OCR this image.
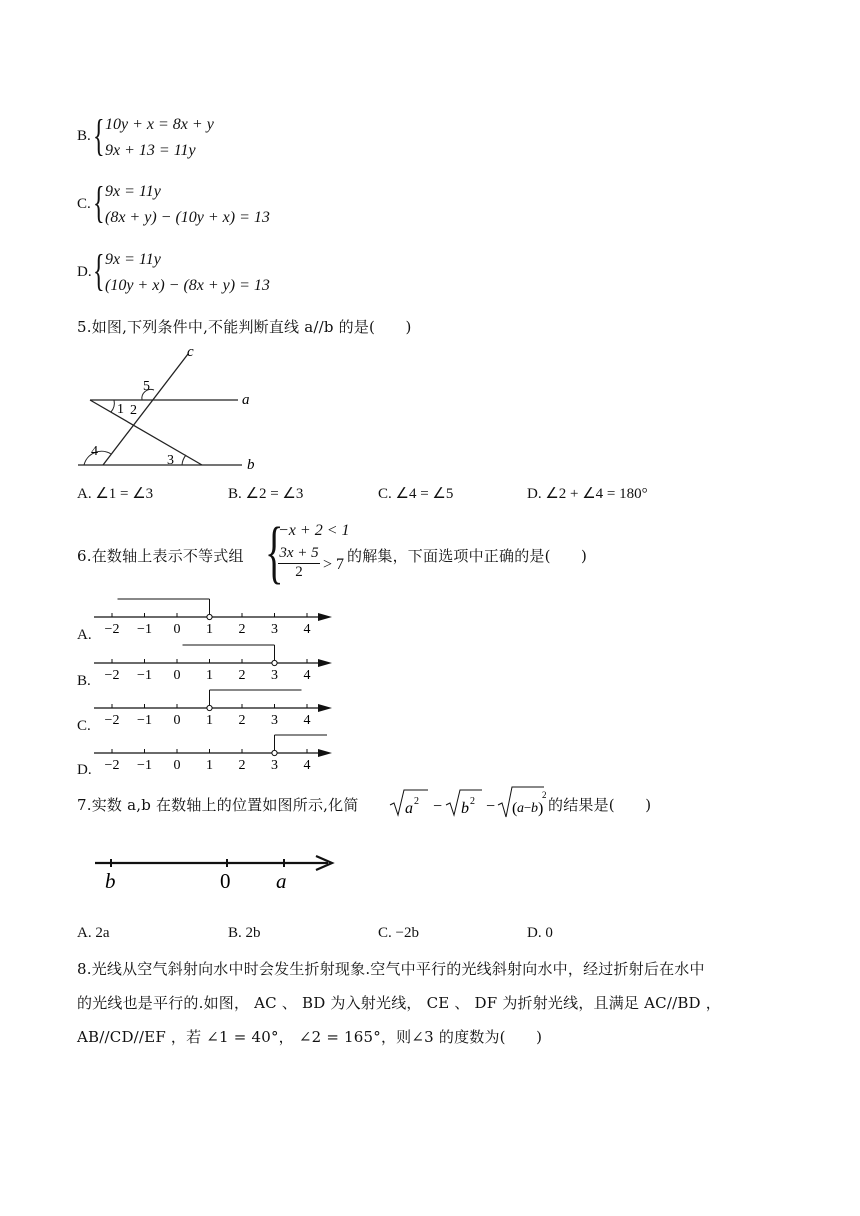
B. { 10y + x = 8x + y
9x + 13 = 11y
C. { 9x = 11y
(8x + y) − (10y + x) = 13
D. { 9x = 11y
(10y + x) − (8x + y) = 13
5.如图,下列条件中,不能判断直线 a//b 的是(　　)
c
a
b
5
1 2
4
3
A. ∠1 = ∠3	B. ∠2 = ∠3	C. ∠4 = ∠5	D. ∠2 + ∠4 = 180°
6.在数轴上表示不等式组 {
−x + 2 < 1
$\frac{3x + 5}{2} > 7$ 的解集，下面选项中正确的是(　　)
A. −2 −1 0 1 2 3 4
B. −2 −1 0 1 2 3 4
C. −2 −1 0 1 2 3 4
D. −2 −1 0 1 2 3 4
7.实数 a,b 在数轴上的位置如图所示,化简	a 2 − b 2 − ( a − b )
2
的结果是(　　)
b	0 a
A. 2a	B. 2b	C. −2b	D. 0
8.光线从空气斜射向水中时会发生折射现象.空气中平行的光线斜射向水中，经过折射后在水中
的光线也是平行的.如图， AC 、 BD 为入射光线， CE 、 DF 为折射光线，且满足 AC//BD ，
AB//CD//EF ，若 ∠1 = 40°， ∠2 = 165°，则∠3 的度数为(　　)
